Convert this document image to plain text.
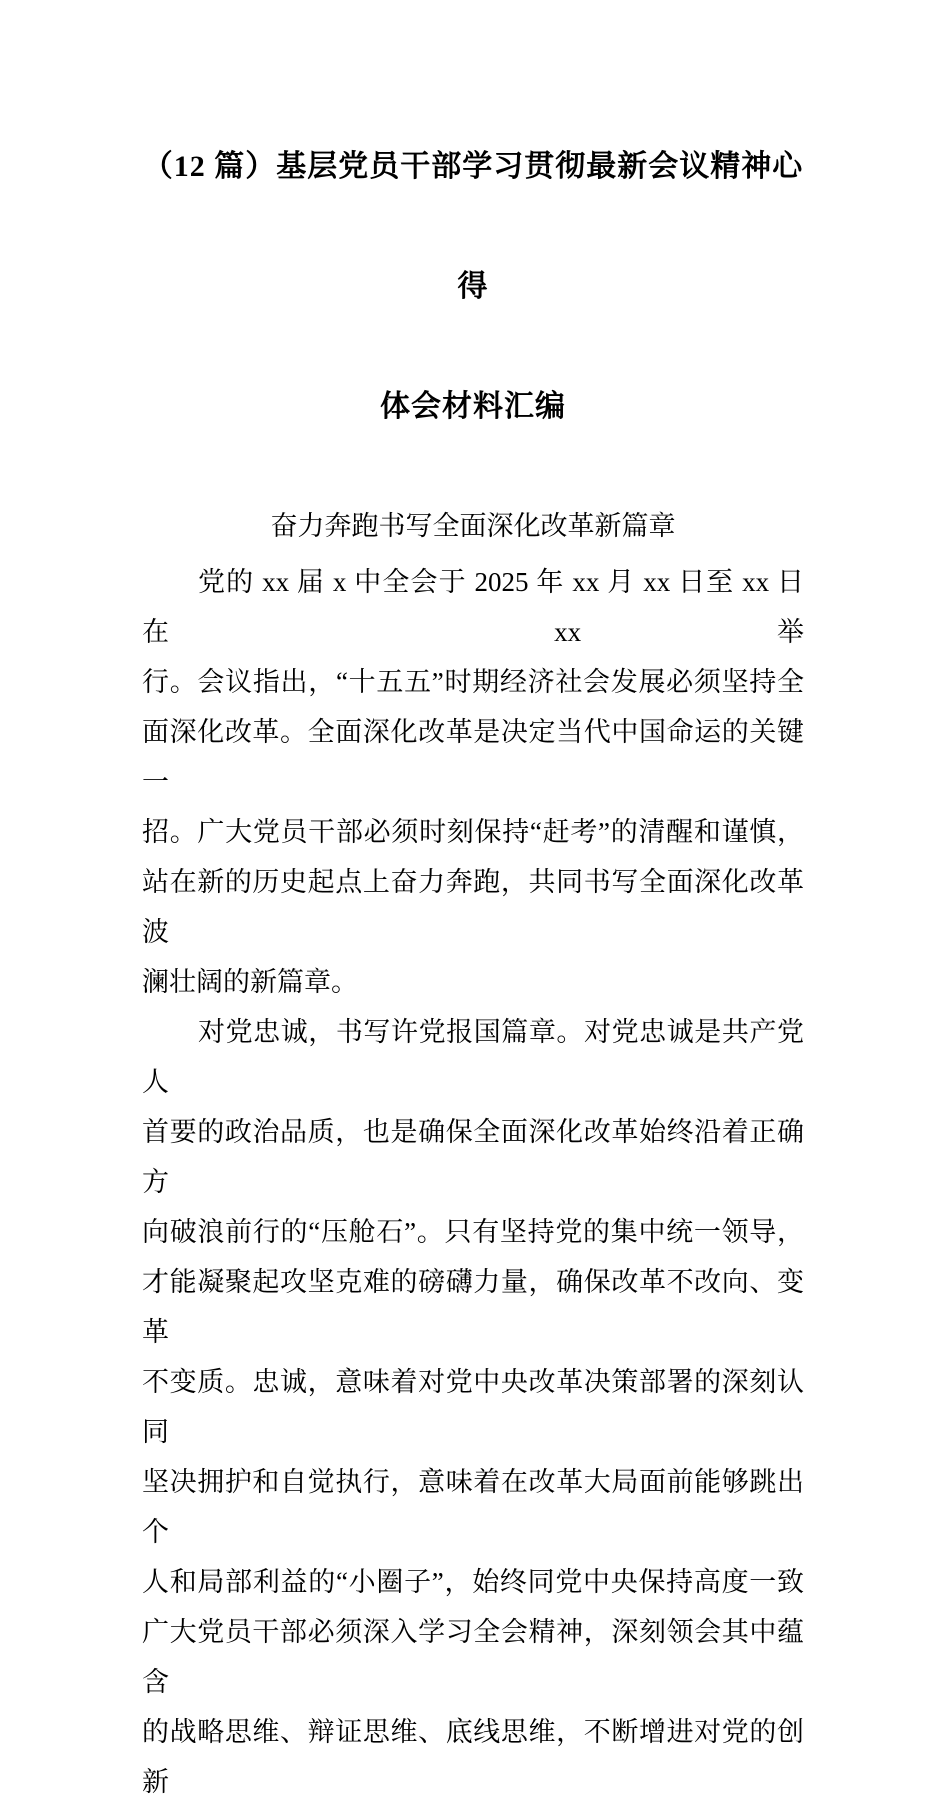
（12 篇）基层党员干部学习贯彻最新会议精神心得
体会材料汇编
奋力奔跑书写全面深化改革新篇章
党的 xx 届 x 中全会于 2025 年 xx 月 xx 日至 xx 日在 xx 举
行。会议指出，“十五五”时期经济社会发展必须坚持全
面深化改革。全面深化改革是决定当代中国命运的关键一
招。广大党员干部必须时刻保持“赶考”的清醒和谨慎，
站在新的历史起点上奋力奔跑，共同书写全面深化改革波
澜壮阔的新篇章。
对党忠诚，书写许党报国篇章。对党忠诚是共产党人
首要的政治品质，也是确保全面深化改革始终沿着正确方
向破浪前行的“压舱石”。只有坚持党的集中统一领导，
才能凝聚起攻坚克难的磅礴力量，确保改革不改向、变革
不变质。忠诚，意味着对党中央改革决策部署的深刻认同
坚决拥护和自觉执行，意味着在改革大局面前能够跳出个
人和局部利益的“小圈子”，始终同党中央保持高度一致
广大党员干部必须深入学习全会精神，深刻领会其中蕴含
的战略思维、辩证思维、底线思维，不断增进对党的创新
